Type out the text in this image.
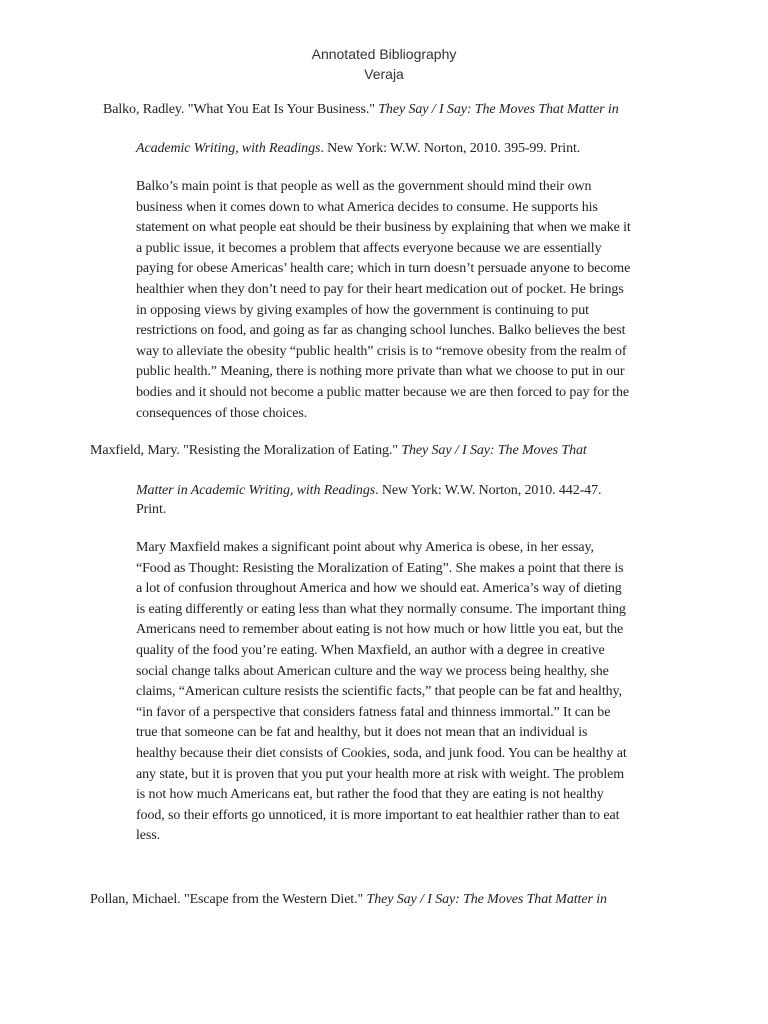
Annotated Bibliography
Veraja
Balko, Radley. "What You Eat Is Your Business." They Say / I Say: The Moves That Matter in
Academic Writing, with Readings. New York: W.W. Norton, 2010. 395-99. Print.
Balko’s main point is that people as well as the government should mind their own
business when it comes down to what America decides to consume. He supports his
statement on what people eat should be their business by explaining that when we make it
a public issue, it becomes a problem that affects everyone because we are essentially
paying for obese Americas’ health care; which in turn doesn’t persuade anyone to become
healthier when they don’t need to pay for their heart medication out of pocket. He brings
in opposing views by giving examples of how the government is continuing to put
restrictions on food, and going as far as changing school lunches. Balko believes the best
way to alleviate the obesity “public health” crisis is to “remove obesity from the realm of
public health.” Meaning, there is nothing more private than what we choose to put in our
bodies and it should not become a public matter because we are then forced to pay for the
consequences of those choices.
Maxfield, Mary. "Resisting the Moralization of Eating." They Say / I Say: The Moves That
Matter in Academic Writing, with Readings. New York: W.W. Norton, 2010. 442-47.
Print.
Mary Maxfield makes a significant point about why America is obese, in her essay,
“Food as Thought: Resisting the Moralization of Eating”. She makes a point that there is
a lot of confusion throughout America and how we should eat. America’s way of dieting
is eating differently or eating less than what they normally consume. The important thing
Americans need to remember about eating is not how much or how little you eat, but the
quality of the food you’re eating. When Maxfield, an author with a degree in creative
social change talks about American culture and the way we process being healthy, she
claims, “American culture resists the scientific facts,” that people can be fat and healthy,
“in favor of a perspective that considers fatness fatal and thinness immortal.” It can be
true that someone can be fat and healthy, but it does not mean that an individual is
healthy because their diet consists of Cookies, soda, and junk food. You can be healthy at
any state, but it is proven that you put your health more at risk with weight. The problem
is not how much Americans eat, but rather the food that they are eating is not healthy
food, so their efforts go unnoticed, it is more important to eat healthier rather than to eat
less.
Pollan, Michael. "Escape from the Western Diet." They Say / I Say: The Moves That Matter in
